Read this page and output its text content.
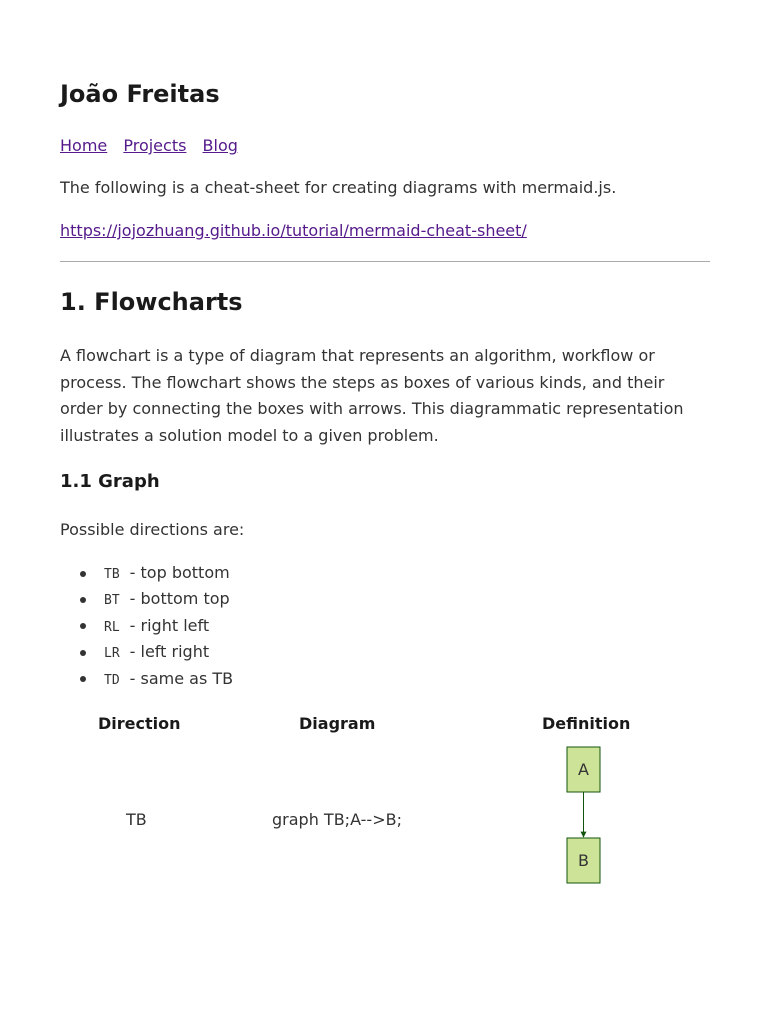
João Freitas
Home Projects Blog

The following is a cheat-sheet for creating diagrams with mermaid.js.

https://jojozhuang.github.io/tutorial/mermaid-cheat-sheet/
1. Flowcharts

A flowchart is a type of diagram that represents an algorithm, workflow or process. The flowchart shows the steps as boxes of various kinds, and their order by connecting the boxes with arrows. This diagrammatic representation illustrates a solution model to a given problem.

1.1 Graph

Possible directions are:

TB - top bottom
BT - bottom top
RL - right left
LR - left right
TD - same as TB
Direction	Diagram	Definition
TB	graph TB;A-->B;
A
B
